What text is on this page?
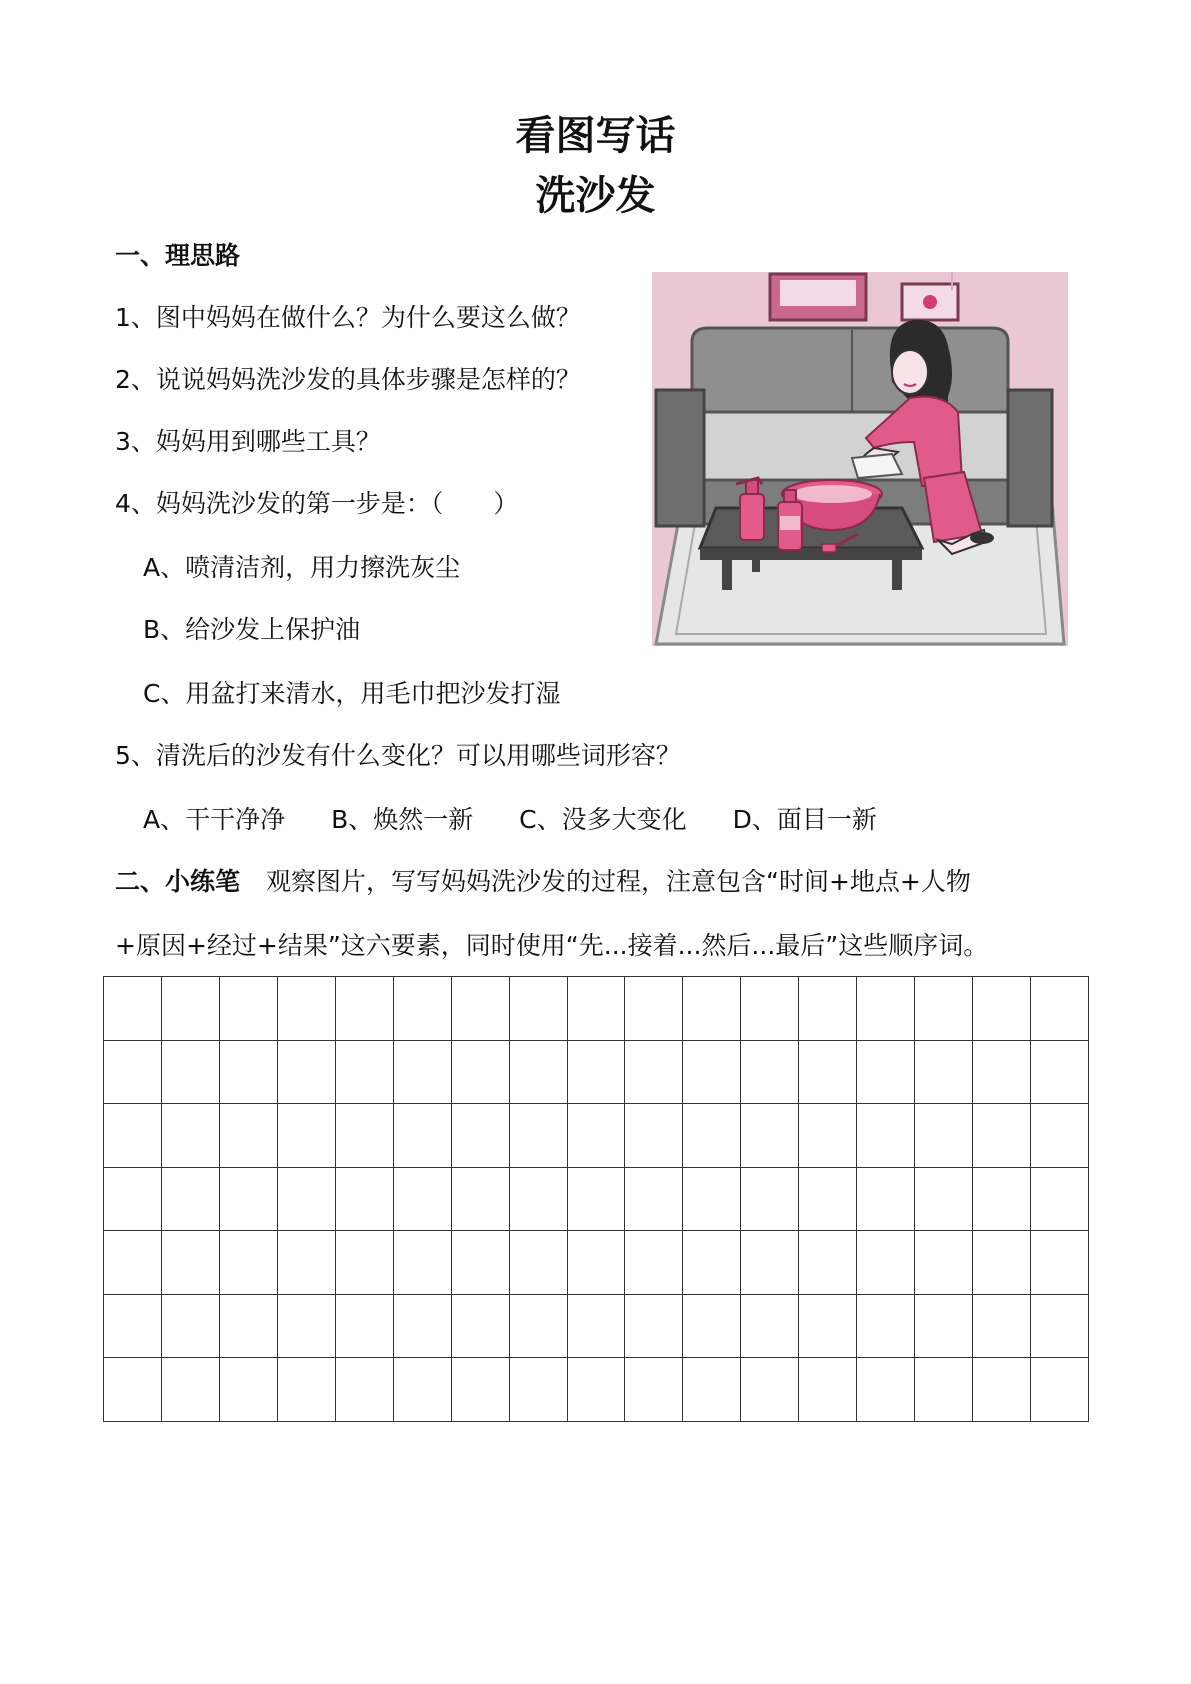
看图写话
洗沙发
一、理思路
1、图中妈妈在做什么？为什么要这么做？
2、说说妈妈洗沙发的具体步骤是怎样的？
3、妈妈用到哪些工具？
4、妈妈洗沙发的第一步是：（　　）
A、喷清洁剂，用力擦洗灰尘
B、给沙发上保护油
C、用盆打来清水，用毛巾把沙发打湿
5、清洗后的沙发有什么变化？可以用哪些词形容？
A、干干净净 B、焕然一新 C、没多大变化 D、面目一新
二、小练笔 观察图片，写写妈妈洗沙发的过程，注意包含“时间+地点+人物
+原因+经过+结果”这六要素，同时使用“先...接着...然后...最后”这些顺序词。
